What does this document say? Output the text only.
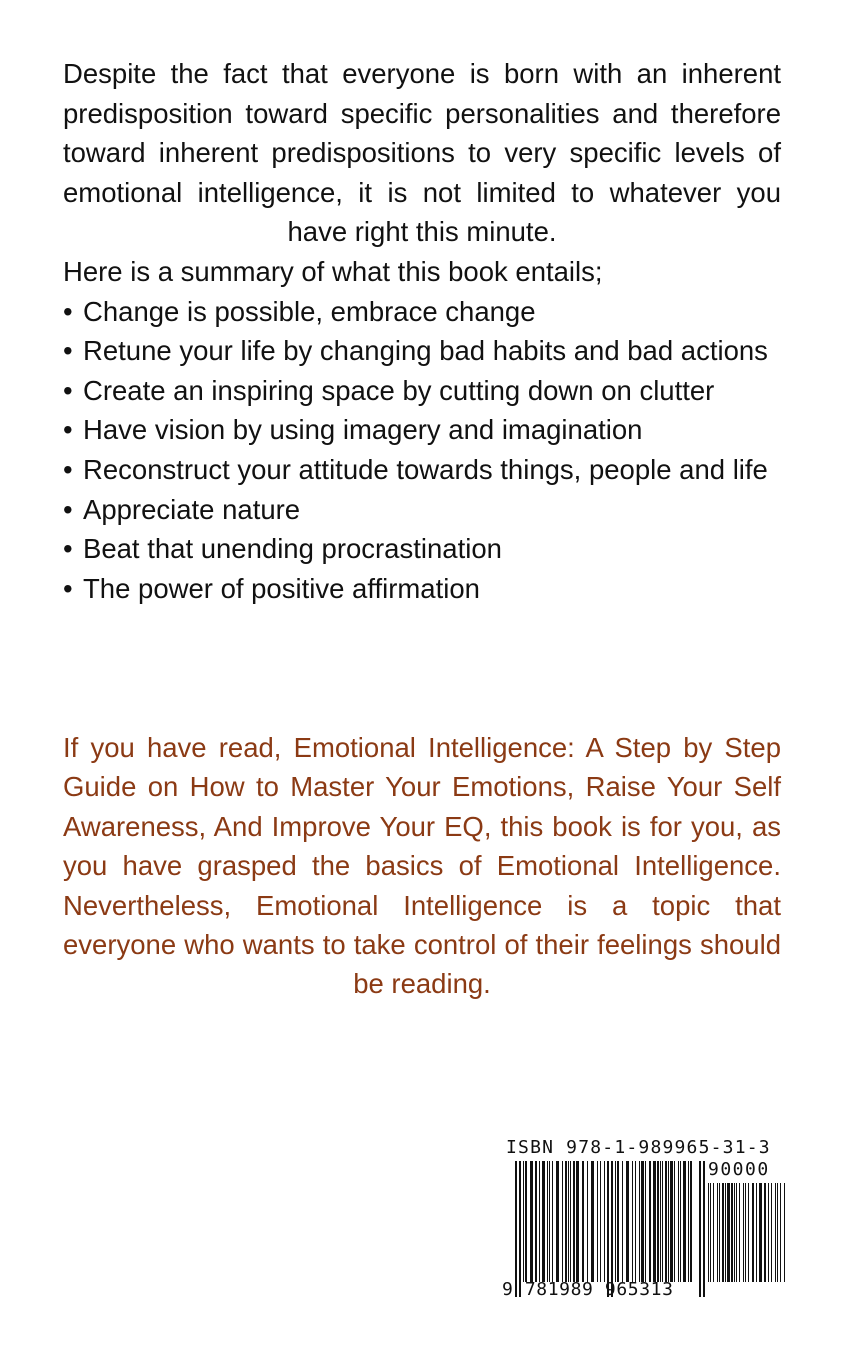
Despite the fact that everyone is born with an inherent predisposition toward specific personalities and therefore toward inherent predispositions to very specific levels of emotional intelligence, it is not limited to whatever you have right this minute.

Here is a summary of what this book entails;

• Change is possible, embrace change
• Retune your life by changing bad habits and bad actions
• Create an inspiring space by cutting down on clutter
• Have vision by using imagery and imagination
• Reconstruct your attitude towards things, people and life
• Appreciate nature
• Beat that unending procrastination
• The power of positive affirmation

If you have read, Emotional Intelligence: A Step by Step Guide on How to Master Your Emotions, Raise Your Self Awareness, And Improve Your EQ, this book is for you, as you have grasped the basics of Emotional Intelligence. Nevertheless, Emotional Intelligence is a topic that everyone who wants to take control of their feelings should be reading.

ISBN 978-1-989965-31-3
90000
9 781989 965313
